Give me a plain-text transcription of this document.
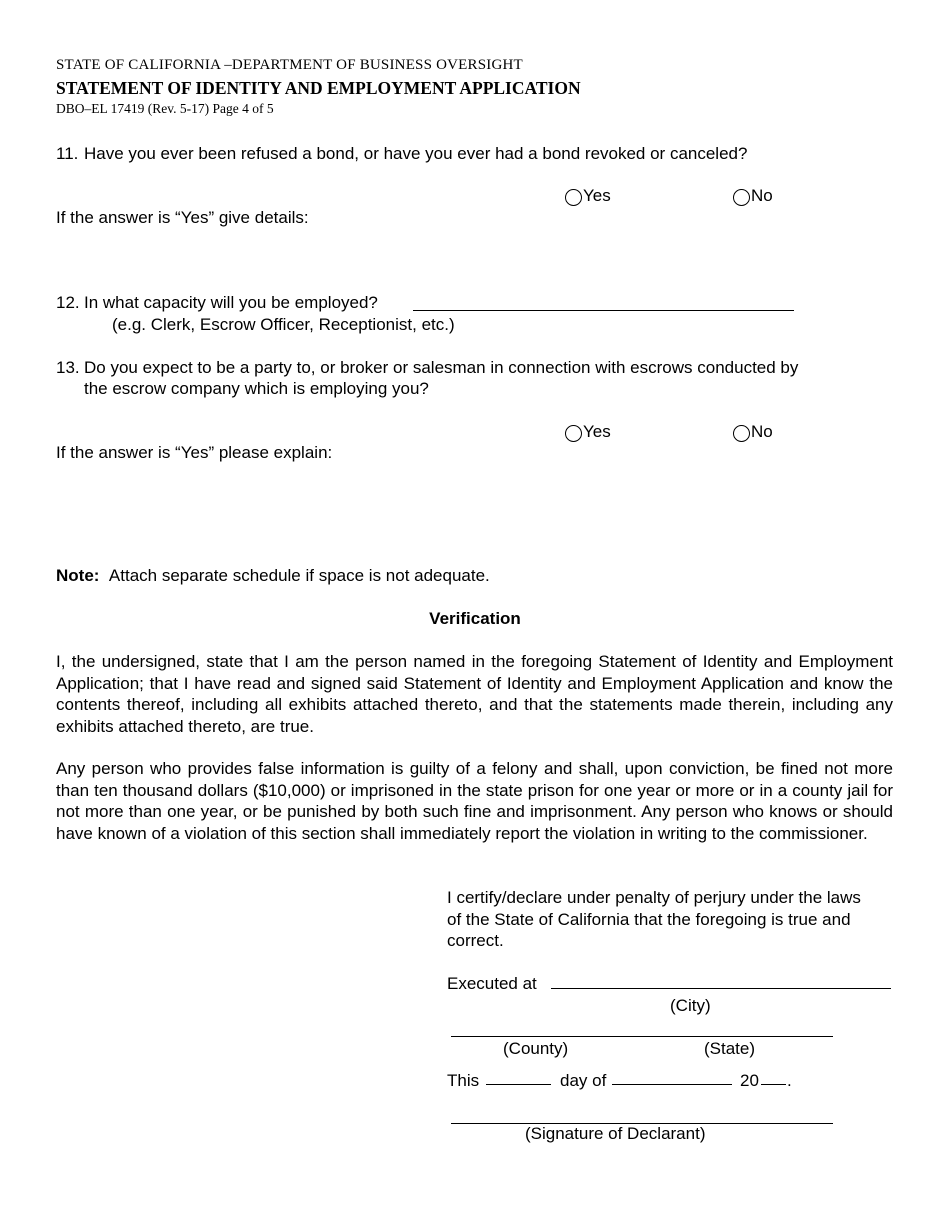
STATE OF CALIFORNIA –DEPARTMENT OF BUSINESS OVERSIGHT
STATEMENT OF IDENTITY AND EMPLOYMENT APPLICATION
DBO–EL 17419 (Rev. 5-17) Page 4 of 5
11. Have you ever been refused a bond, or have you ever had a bond revoked or canceled?
Yes	No
If the answer is “Yes” give details:
12. In what capacity will you be employed?
(e.g. Clerk, Escrow Officer, Receptionist, etc.)
13. Do you expect to be a party to, or broker or salesman in connection with escrows conducted by
the escrow company which is employing you?
Yes	No
If the answer is “Yes” please explain:
Note: Attach separate schedule if space is not adequate.
Verification
I, the undersigned, state that I am the person named in the foregoing Statement of Identity and Employment Application; that I have read and signed said Statement of Identity and Employment Application and know the contents thereof, including all exhibits attached thereto, and that the statements made therein, including any exhibits attached thereto, are true.
Any person who provides false information is guilty of a felony and shall, upon conviction, be fined not more than ten thousand dollars ($10,000) or imprisoned in the state prison for one year or more or in a county jail for not more than one year, or be punished by both such fine and imprisonment. Any person who knows or should have known of a violation of this section shall immediately report the violation in writing to the commissioner.
I certify/declare under penalty of perjury under the laws of the State of California that the foregoing is true and correct.
Executed at
(City)
(County)	(State)
This	day of	20 .
(Signature of Declarant)
